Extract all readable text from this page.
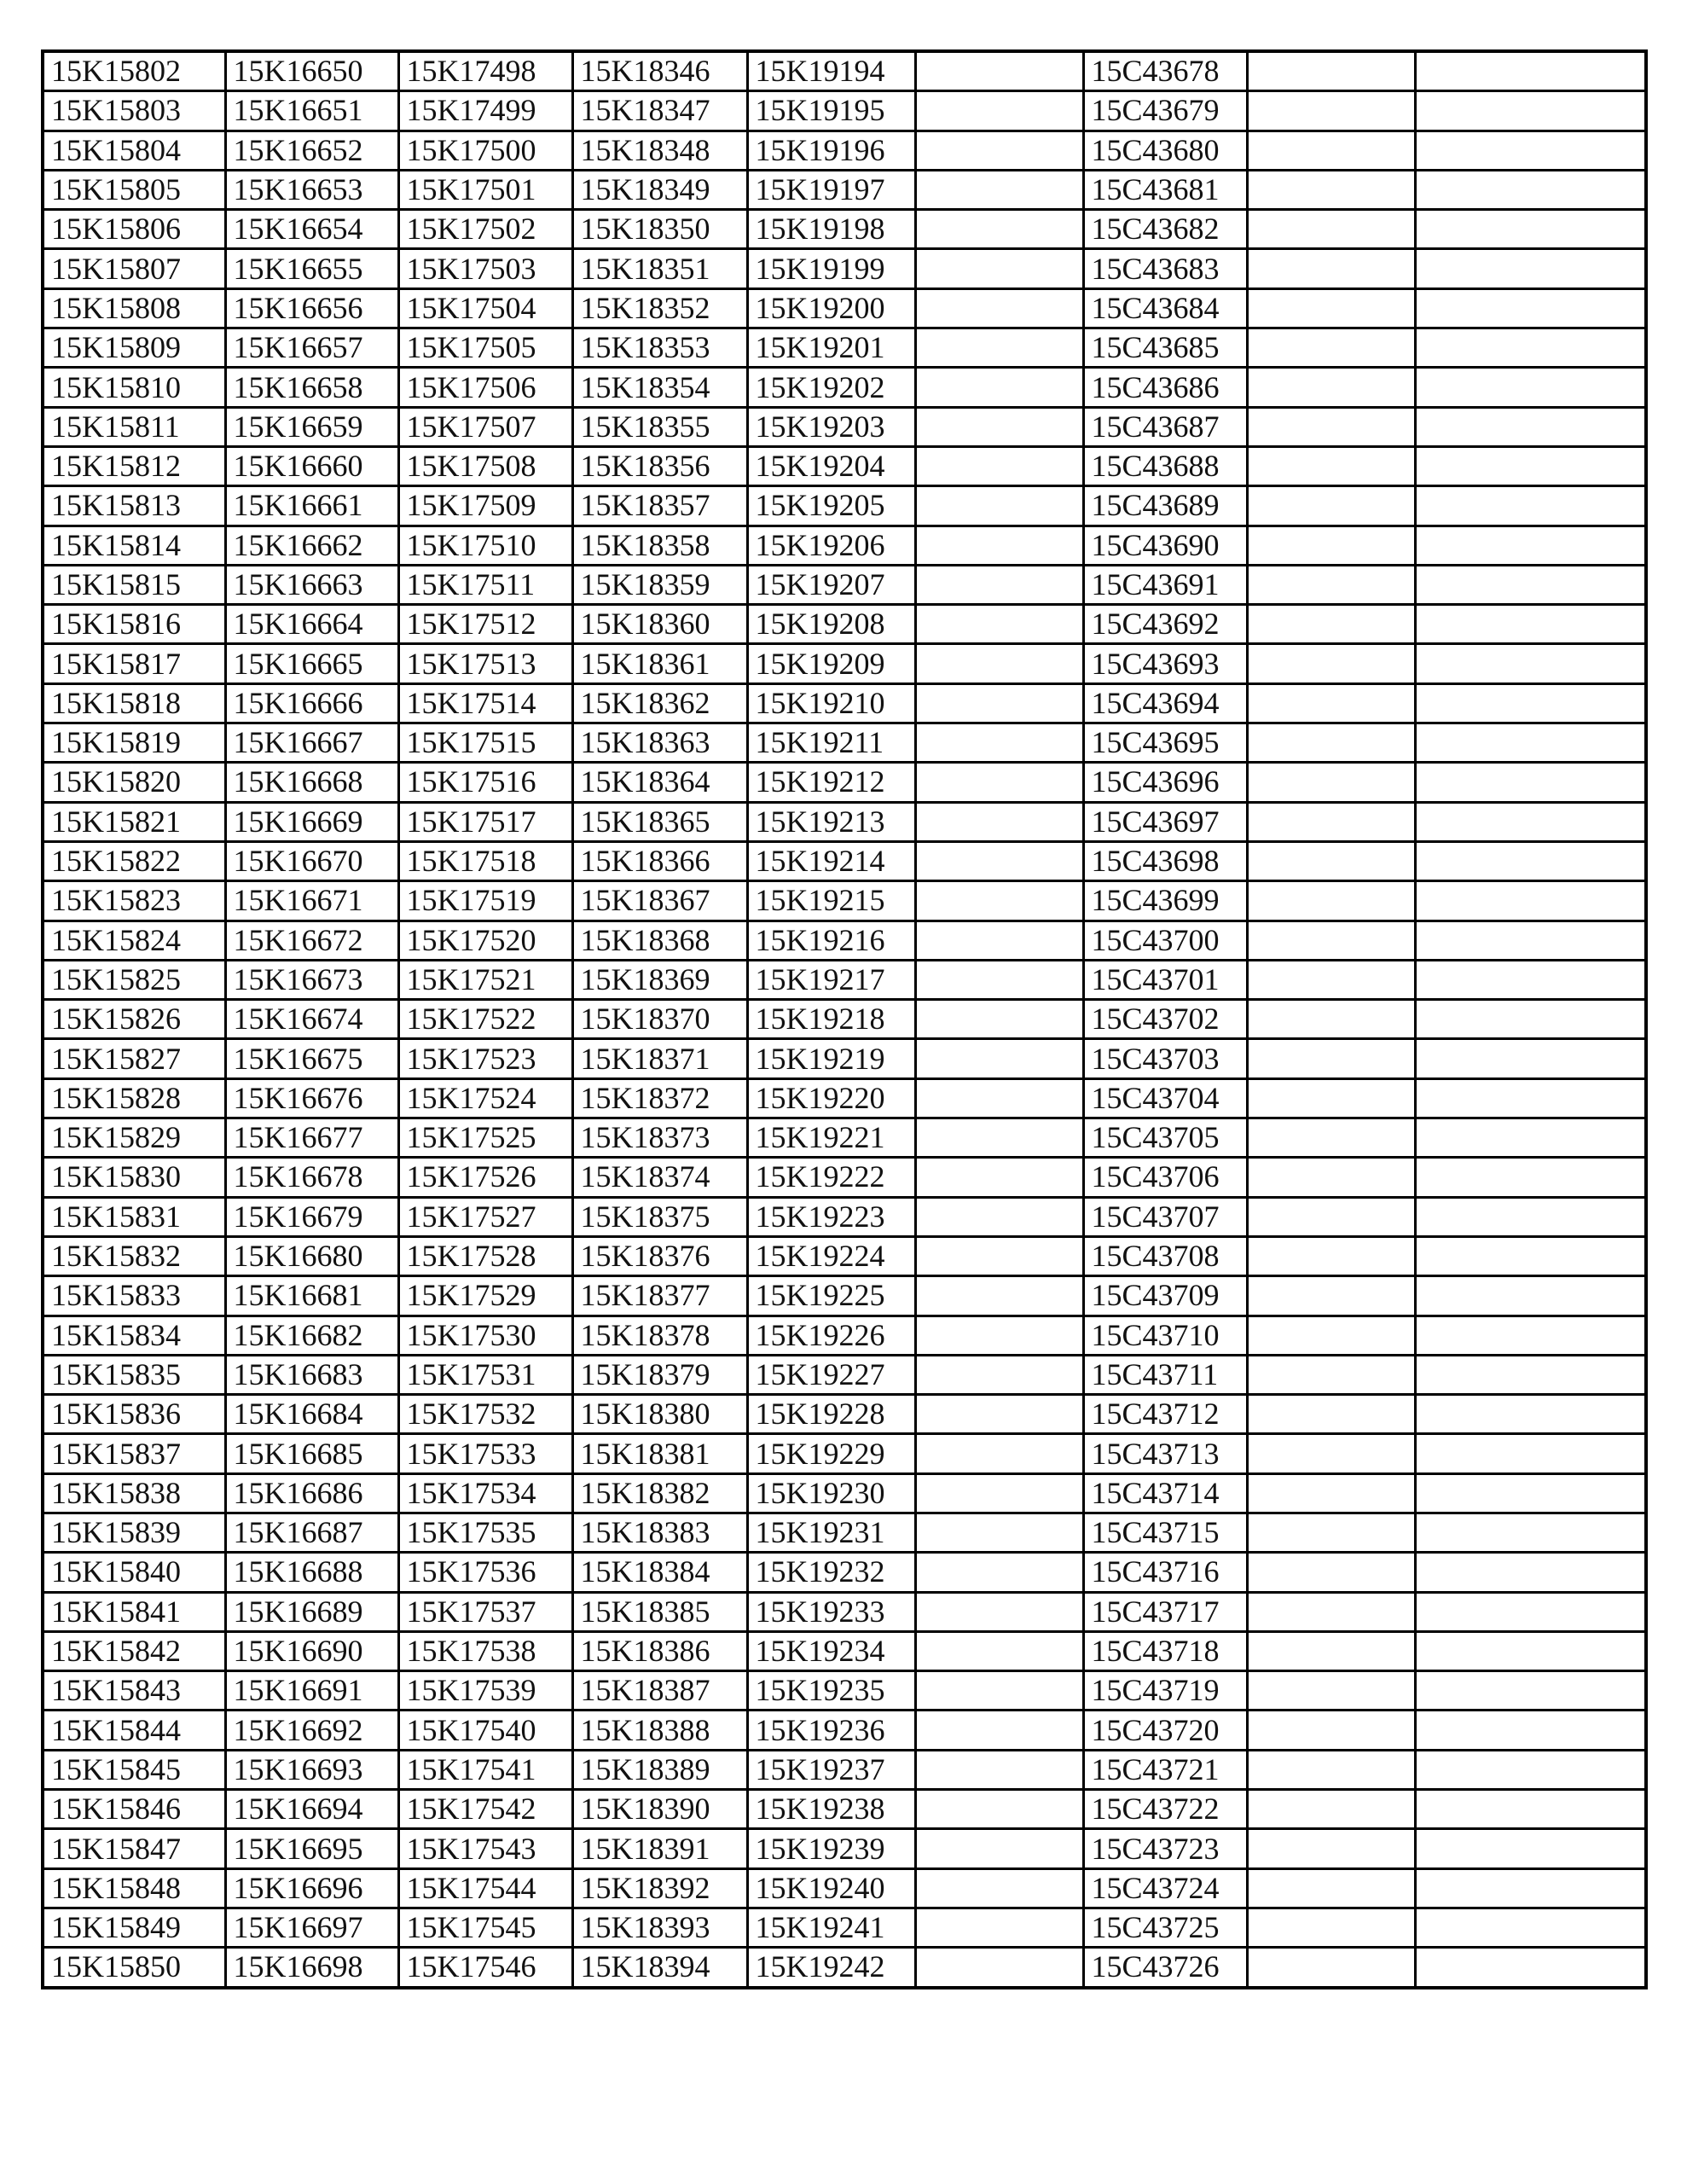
15K15802	15K16650	15K17498	15K18346	15K19194		15C43678		
15K15803	15K16651	15K17499	15K18347	15K19195		15C43679		
15K15804	15K16652	15K17500	15K18348	15K19196		15C43680		
15K15805	15K16653	15K17501	15K18349	15K19197		15C43681		
15K15806	15K16654	15K17502	15K18350	15K19198		15C43682		
15K15807	15K16655	15K17503	15K18351	15K19199		15C43683		
15K15808	15K16656	15K17504	15K18352	15K19200		15C43684		
15K15809	15K16657	15K17505	15K18353	15K19201		15C43685		
15K15810	15K16658	15K17506	15K18354	15K19202		15C43686		
15K15811	15K16659	15K17507	15K18355	15K19203		15C43687		
15K15812	15K16660	15K17508	15K18356	15K19204		15C43688		
15K15813	15K16661	15K17509	15K18357	15K19205		15C43689		
15K15814	15K16662	15K17510	15K18358	15K19206		15C43690		
15K15815	15K16663	15K17511	15K18359	15K19207		15C43691		
15K15816	15K16664	15K17512	15K18360	15K19208		15C43692		
15K15817	15K16665	15K17513	15K18361	15K19209		15C43693		
15K15818	15K16666	15K17514	15K18362	15K19210		15C43694		
15K15819	15K16667	15K17515	15K18363	15K19211		15C43695		
15K15820	15K16668	15K17516	15K18364	15K19212		15C43696		
15K15821	15K16669	15K17517	15K18365	15K19213		15C43697		
15K15822	15K16670	15K17518	15K18366	15K19214		15C43698		
15K15823	15K16671	15K17519	15K18367	15K19215		15C43699		
15K15824	15K16672	15K17520	15K18368	15K19216		15C43700		
15K15825	15K16673	15K17521	15K18369	15K19217		15C43701		
15K15826	15K16674	15K17522	15K18370	15K19218		15C43702		
15K15827	15K16675	15K17523	15K18371	15K19219		15C43703		
15K15828	15K16676	15K17524	15K18372	15K19220		15C43704		
15K15829	15K16677	15K17525	15K18373	15K19221		15C43705		
15K15830	15K16678	15K17526	15K18374	15K19222		15C43706		
15K15831	15K16679	15K17527	15K18375	15K19223		15C43707		
15K15832	15K16680	15K17528	15K18376	15K19224		15C43708		
15K15833	15K16681	15K17529	15K18377	15K19225		15C43709		
15K15834	15K16682	15K17530	15K18378	15K19226		15C43710		
15K15835	15K16683	15K17531	15K18379	15K19227		15C43711		
15K15836	15K16684	15K17532	15K18380	15K19228		15C43712		
15K15837	15K16685	15K17533	15K18381	15K19229		15C43713		
15K15838	15K16686	15K17534	15K18382	15K19230		15C43714		
15K15839	15K16687	15K17535	15K18383	15K19231		15C43715		
15K15840	15K16688	15K17536	15K18384	15K19232		15C43716		
15K15841	15K16689	15K17537	15K18385	15K19233		15C43717		
15K15842	15K16690	15K17538	15K18386	15K19234		15C43718		
15K15843	15K16691	15K17539	15K18387	15K19235		15C43719		
15K15844	15K16692	15K17540	15K18388	15K19236		15C43720		
15K15845	15K16693	15K17541	15K18389	15K19237		15C43721		
15K15846	15K16694	15K17542	15K18390	15K19238		15C43722		
15K15847	15K16695	15K17543	15K18391	15K19239		15C43723		
15K15848	15K16696	15K17544	15K18392	15K19240		15C43724		
15K15849	15K16697	15K17545	15K18393	15K19241		15C43725		
15K15850	15K16698	15K17546	15K18394	15K19242		15C43726		
